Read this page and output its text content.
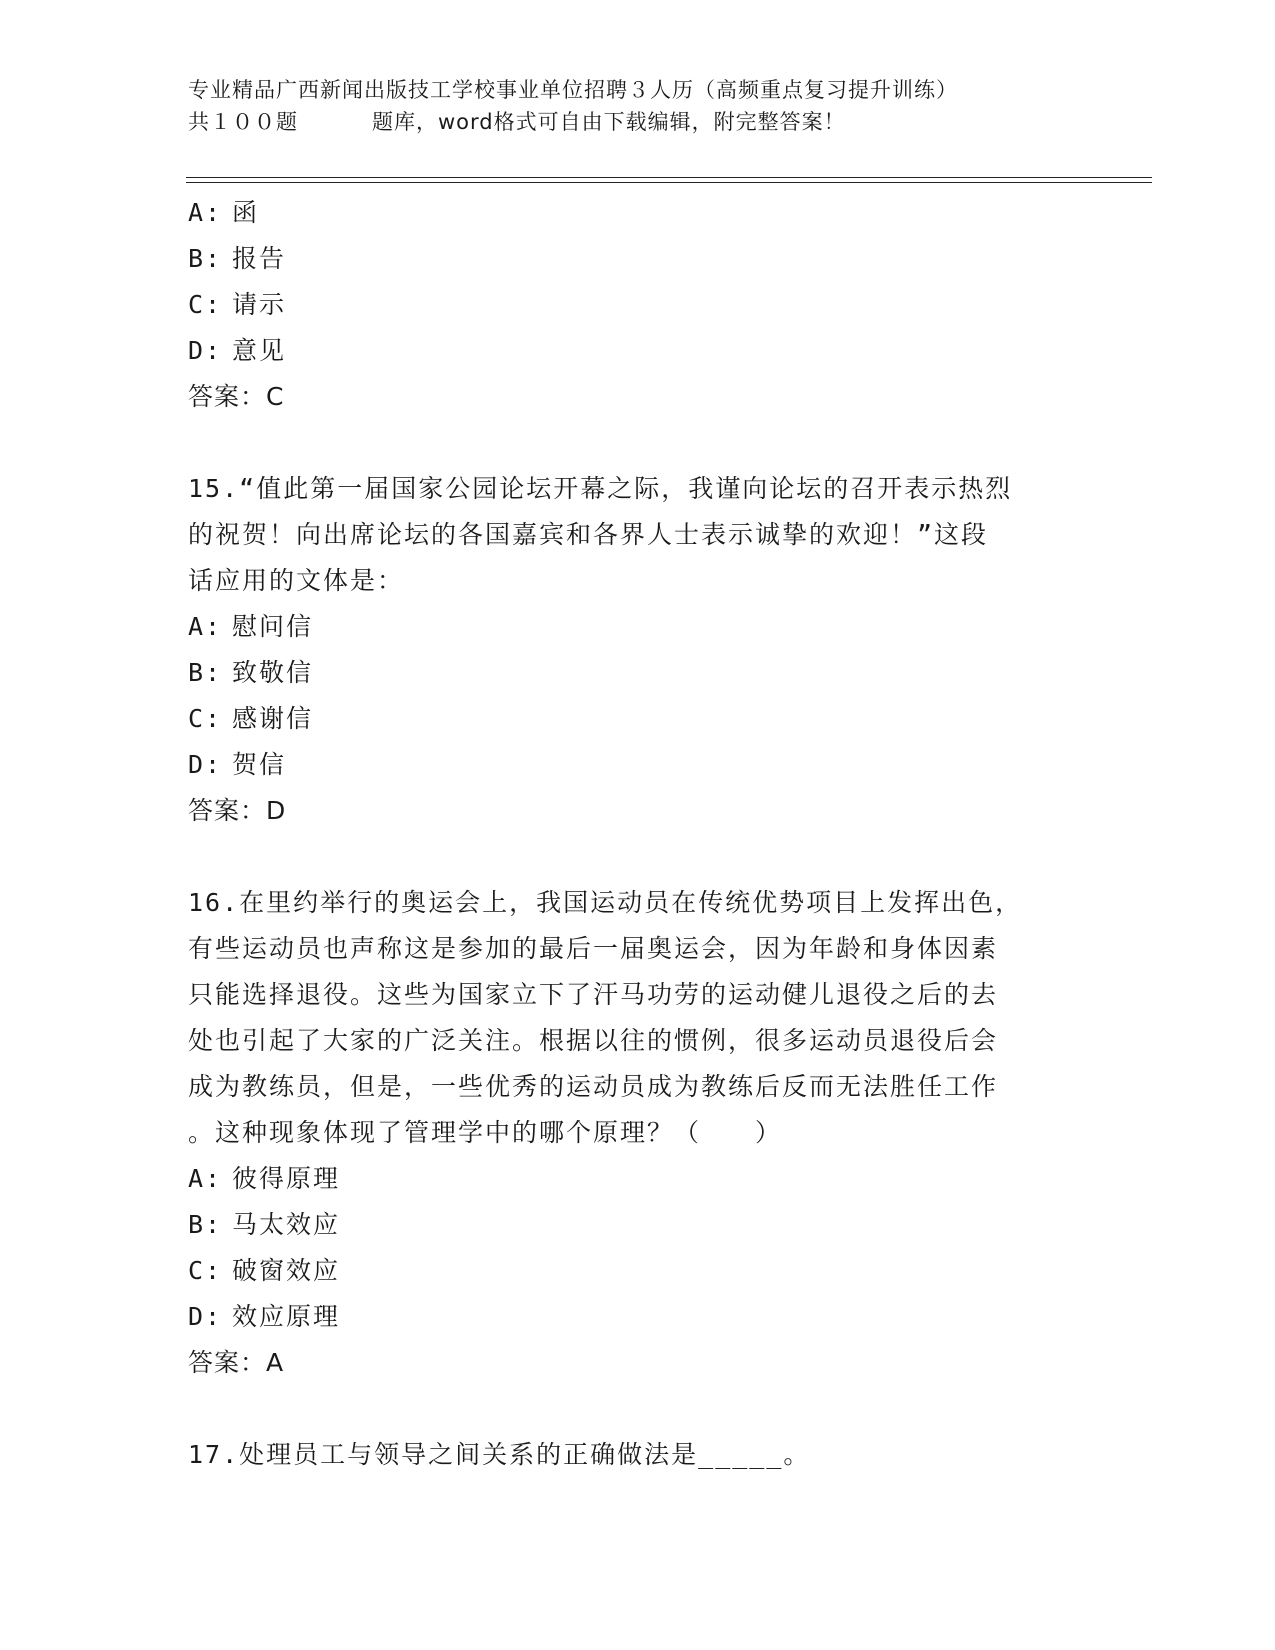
专业精品广西新闻出版技工学校事业单位招聘３人历（高频重点复习提升训练）
共１００题	题库，word格式可自由下载编辑，附完整答案！
A: 函
B: 报告
C: 请示
D: 意见
答案：C
15.“值此第一届国家公园论坛开幕之际，我谨向论坛的召开表示热烈
的祝贺！向出席论坛的各国嘉宾和各界人士表示诚挚的欢迎！”这段
话应用的文体是：
A: 慰问信
B: 致敬信
C: 感谢信
D: 贺信
答案：D
16.在里约举行的奥运会上，我国运动员在传统优势项目上发挥出色，
有些运动员也声称这是参加的最后一届奥运会，因为年龄和身体因素
只能选择退役。这些为国家立下了汗马功劳的运动健儿退役之后的去
处也引起了大家的广泛关注。根据以往的惯例，很多运动员退役后会
成为教练员，但是，一些优秀的运动员成为教练后反而无法胜任工作
。这种现象体现了管理学中的哪个原理？（　　）
A: 彼得原理
B: 马太效应
C: 破窗效应
D: 效应原理
答案：A
17.处理员工与领导之间关系的正确做法是_____。
